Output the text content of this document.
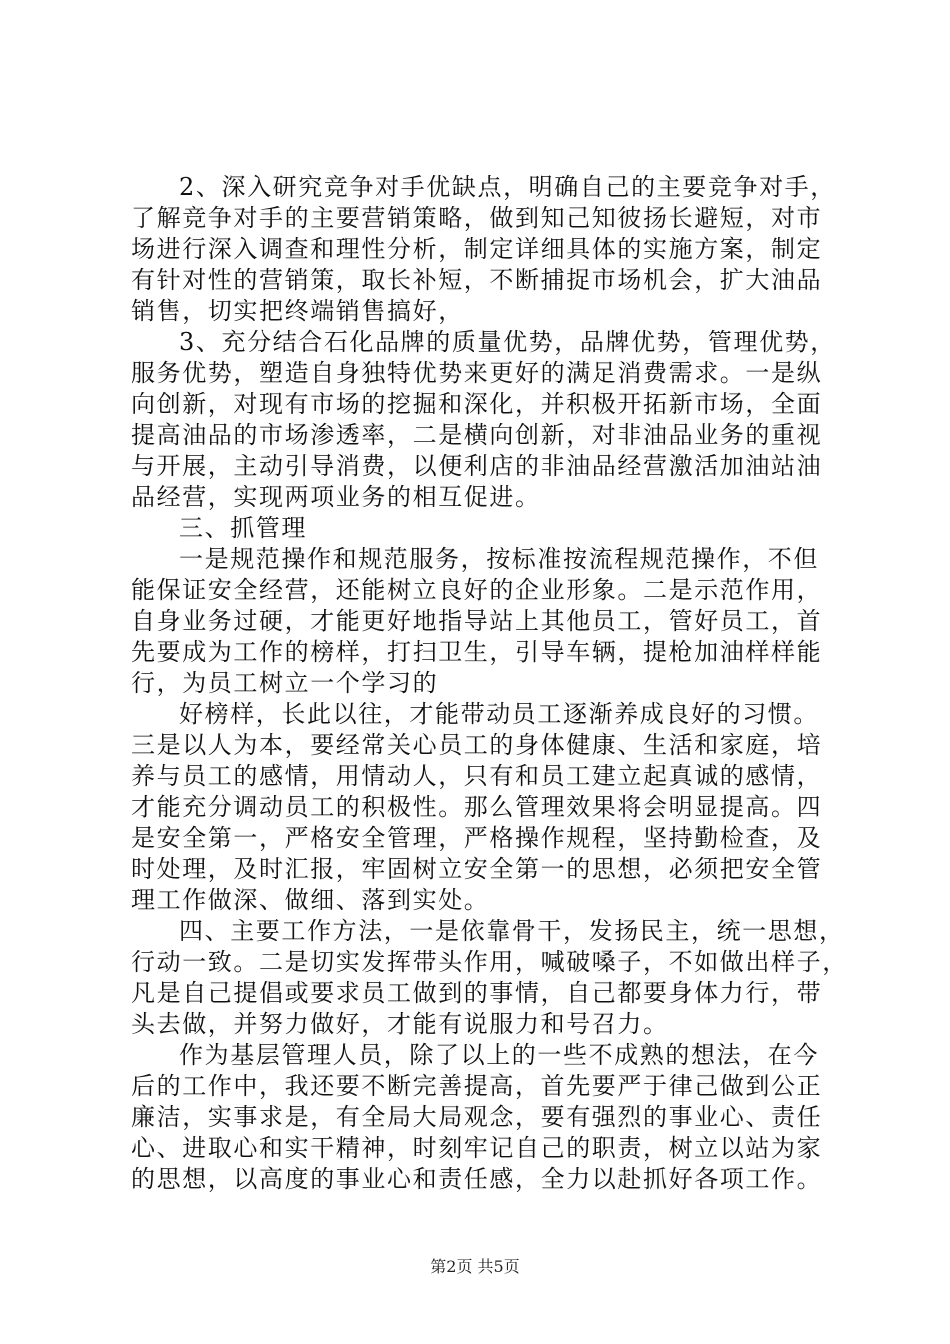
2、深入研究竞争对手优缺点，明确自己的主要竞争对手，
了解竞争对手的主要营销策略，做到知己知彼扬长避短，对市
场进行深入调查和理性分析，制定详细具体的实施方案，制定
有针对性的营销策，取长补短，不断捕捉市场机会，扩大油品
销售，切实把终端销售搞好，
3、充分结合石化品牌的质量优势，品牌优势，管理优势，
服务优势，塑造自身独特优势来更好的满足消费需求。一是纵
向创新，对现有市场的挖掘和深化，并积极开拓新市场，全面
提高油品的市场渗透率，二是横向创新，对非油品业务的重视
与开展，主动引导消费，以便利店的非油品经营激活加油站油
品经营，实现两项业务的相互促进。
三、抓管理
一是规范操作和规范服务，按标准按流程规范操作，不但
能保证安全经营，还能树立良好的企业形象。二是示范作用，
自身业务过硬，才能更好地指导站上其他员工，管好员工，首
先要成为工作的榜样，打扫卫生，引导车辆，提枪加油样样能
行，为员工树立一个学习的
好榜样，长此以往，才能带动员工逐渐养成良好的习惯。
三是以人为本，要经常关心员工的身体健康、生活和家庭，培
养与员工的感情，用情动人，只有和员工建立起真诚的感情，
才能充分调动员工的积极性。那么管理效果将会明显提高。四
是安全第一，严格安全管理，严格操作规程，坚持勤检查，及
时处理，及时汇报，牢固树立安全第一的思想，必须把安全管
理工作做深、做细、落到实处。
四、主要工作方法，一是依靠骨干，发扬民主，统一思想，
行动一致。二是切实发挥带头作用，喊破嗓子，不如做出样子，
凡是自己提倡或要求员工做到的事情，自己都要身体力行，带
头去做，并努力做好，才能有说服力和号召力。
作为基层管理人员，除了以上的一些不成熟的想法，在今
后的工作中，我还要不断完善提高，首先要严于律己做到公正
廉洁，实事求是，有全局大局观念，要有强烈的事业心、责任
心、进取心和实干精神，时刻牢记自己的职责，树立以站为家
的思想，以高度的事业心和责任感，全力以赴抓好各项工作。
第2页 共5页
